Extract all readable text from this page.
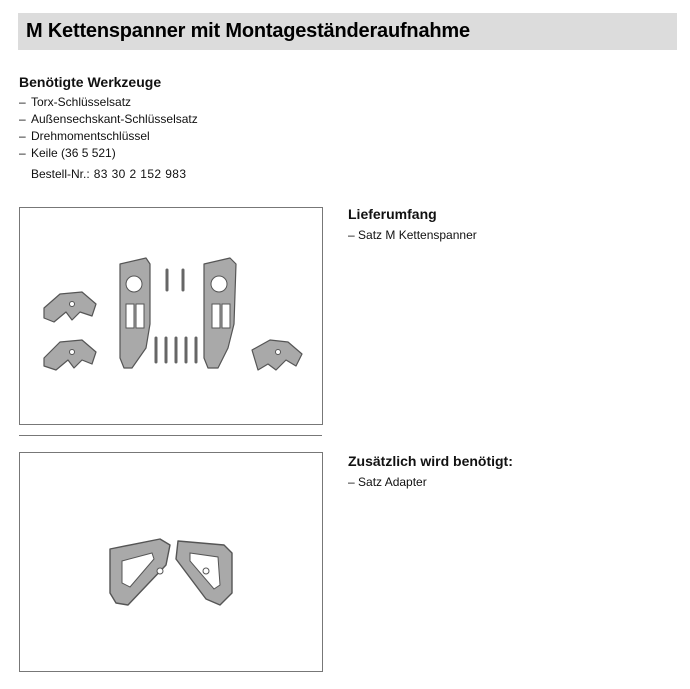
M Kettenspanner mit Montageständeraufnahme
Benötigte Werkzeuge
– Torx-Schlüsselsatz
– Außensechskant-Schlüsselsatz
– Drehmomentschlüssel
– Keile (36 5 521)
Bestell-Nr.: 83 30 2 152 983
Lieferumfang

– Satz M Kettenspanner

Zusätzlich wird benötigt:

– Satz Adapter
